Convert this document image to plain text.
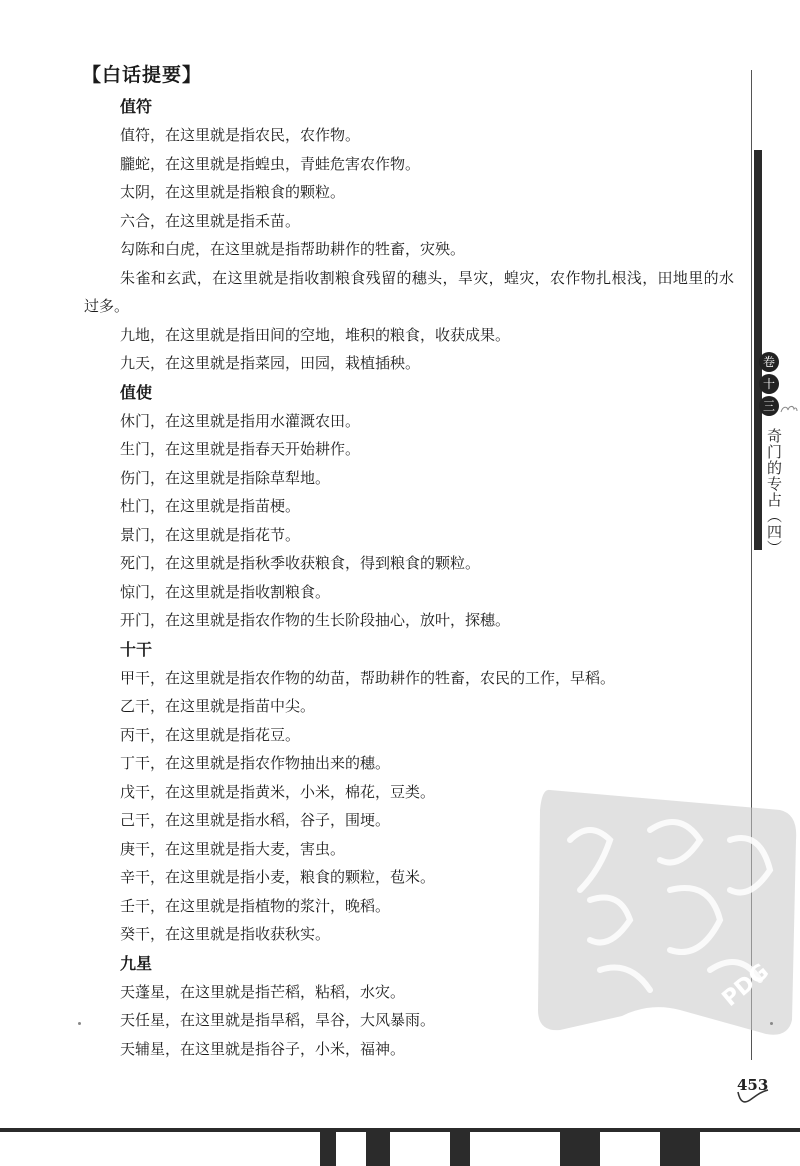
【白话提要】
值符

值符，在这里就是指农民，农作物。

朧蛇，在这里就是指蝗虫，青蛙危害农作物。

太阴，在这里就是指粮食的颗粒。

六合，在这里就是指禾苗。

勾陈和白虎，在这里就是指帮助耕作的牲畜，灾殃。

朱雀和玄武，在这里就是指收割粮食残留的穗头，旱灾，蝗灾，农作物扎根浅，田地里的水过多。

九地，在这里就是指田间的空地，堆积的粮食，收获成果。

九天，在这里就是指菜园，田园，栽植插秧。

值使

休门，在这里就是指用水灌溉农田。

生门，在这里就是指春天开始耕作。

伤门，在这里就是指除草犁地。

杜门，在这里就是指苗梗。

景门，在这里就是指花节。

死门，在这里就是指秋季收获粮食，得到粮食的颗粒。

惊门，在这里就是指收割粮食。

开门，在这里就是指农作物的生长阶段抽心，放叶，探穗。

十干

甲干，在这里就是指农作物的幼苗，帮助耕作的牲畜，农民的工作，早稻。

乙干，在这里就是指苗中尖。

丙干，在这里就是指花豆。

丁干，在这里就是指农作物抽出来的穗。

戊干，在这里就是指黄米，小米，棉花，豆类。

己干，在这里就是指水稻，谷子，围埂。

庚干，在这里就是指大麦，害虫。

辛干，在这里就是指小麦，粮食的颗粒，苞米。

壬干，在这里就是指植物的浆汁，晚稻。

癸干，在这里就是指收获秋实。

九星

天蓬星，在这里就是指芒稻，粘稻，水灾。

天任星，在这里就是指旱稻，旱谷，大风暴雨。

天辅星，在这里就是指谷子，小米，福神。

卷
十
三
奇门的专占（四）
453
PDG
